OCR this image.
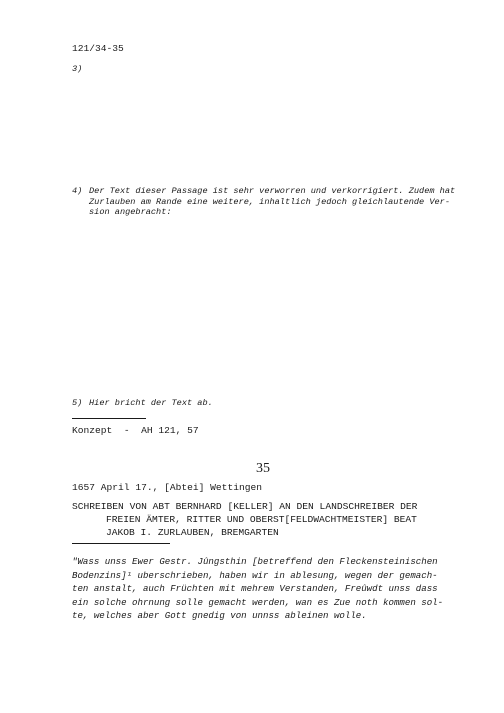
121/34-35
3)
4) Der Text dieser Passage ist sehr verworren und verkorrigiert. Zudem hat
Zurlauben am Rande eine weitere, inhaltlich jedoch gleichlautende Ver-
sion angebracht:
5) Hier bricht der Text ab.
Konzept  -  AH 121, 57
35
1657 April 17., [Abtei] Wettingen
SCHREIBEN VON ABT BERNHARD [KELLER] AN DEN LANDSCHREIBER DER
FREIEN ÄMTER, RITTER UND OBERST[FELDWACHTMEISTER] BEAT
JAKOB I. ZURLAUBEN, BREMGARTEN
"Wass unss Ewer Gestr. Jûngsthin [betreffend den Fleckensteinischen
Bodenzins]¹ uberschrieben, haben wir in ablesung, wegen der gemach-
ten anstalt, auch Früchten mit mehrem Verstanden, Freûwdt unss dass
ein solche ohrnung solle gemacht werden, wan es Zue noth kommen sol-
te, welches aber Gott gnedig von unnss ableinen wolle.
